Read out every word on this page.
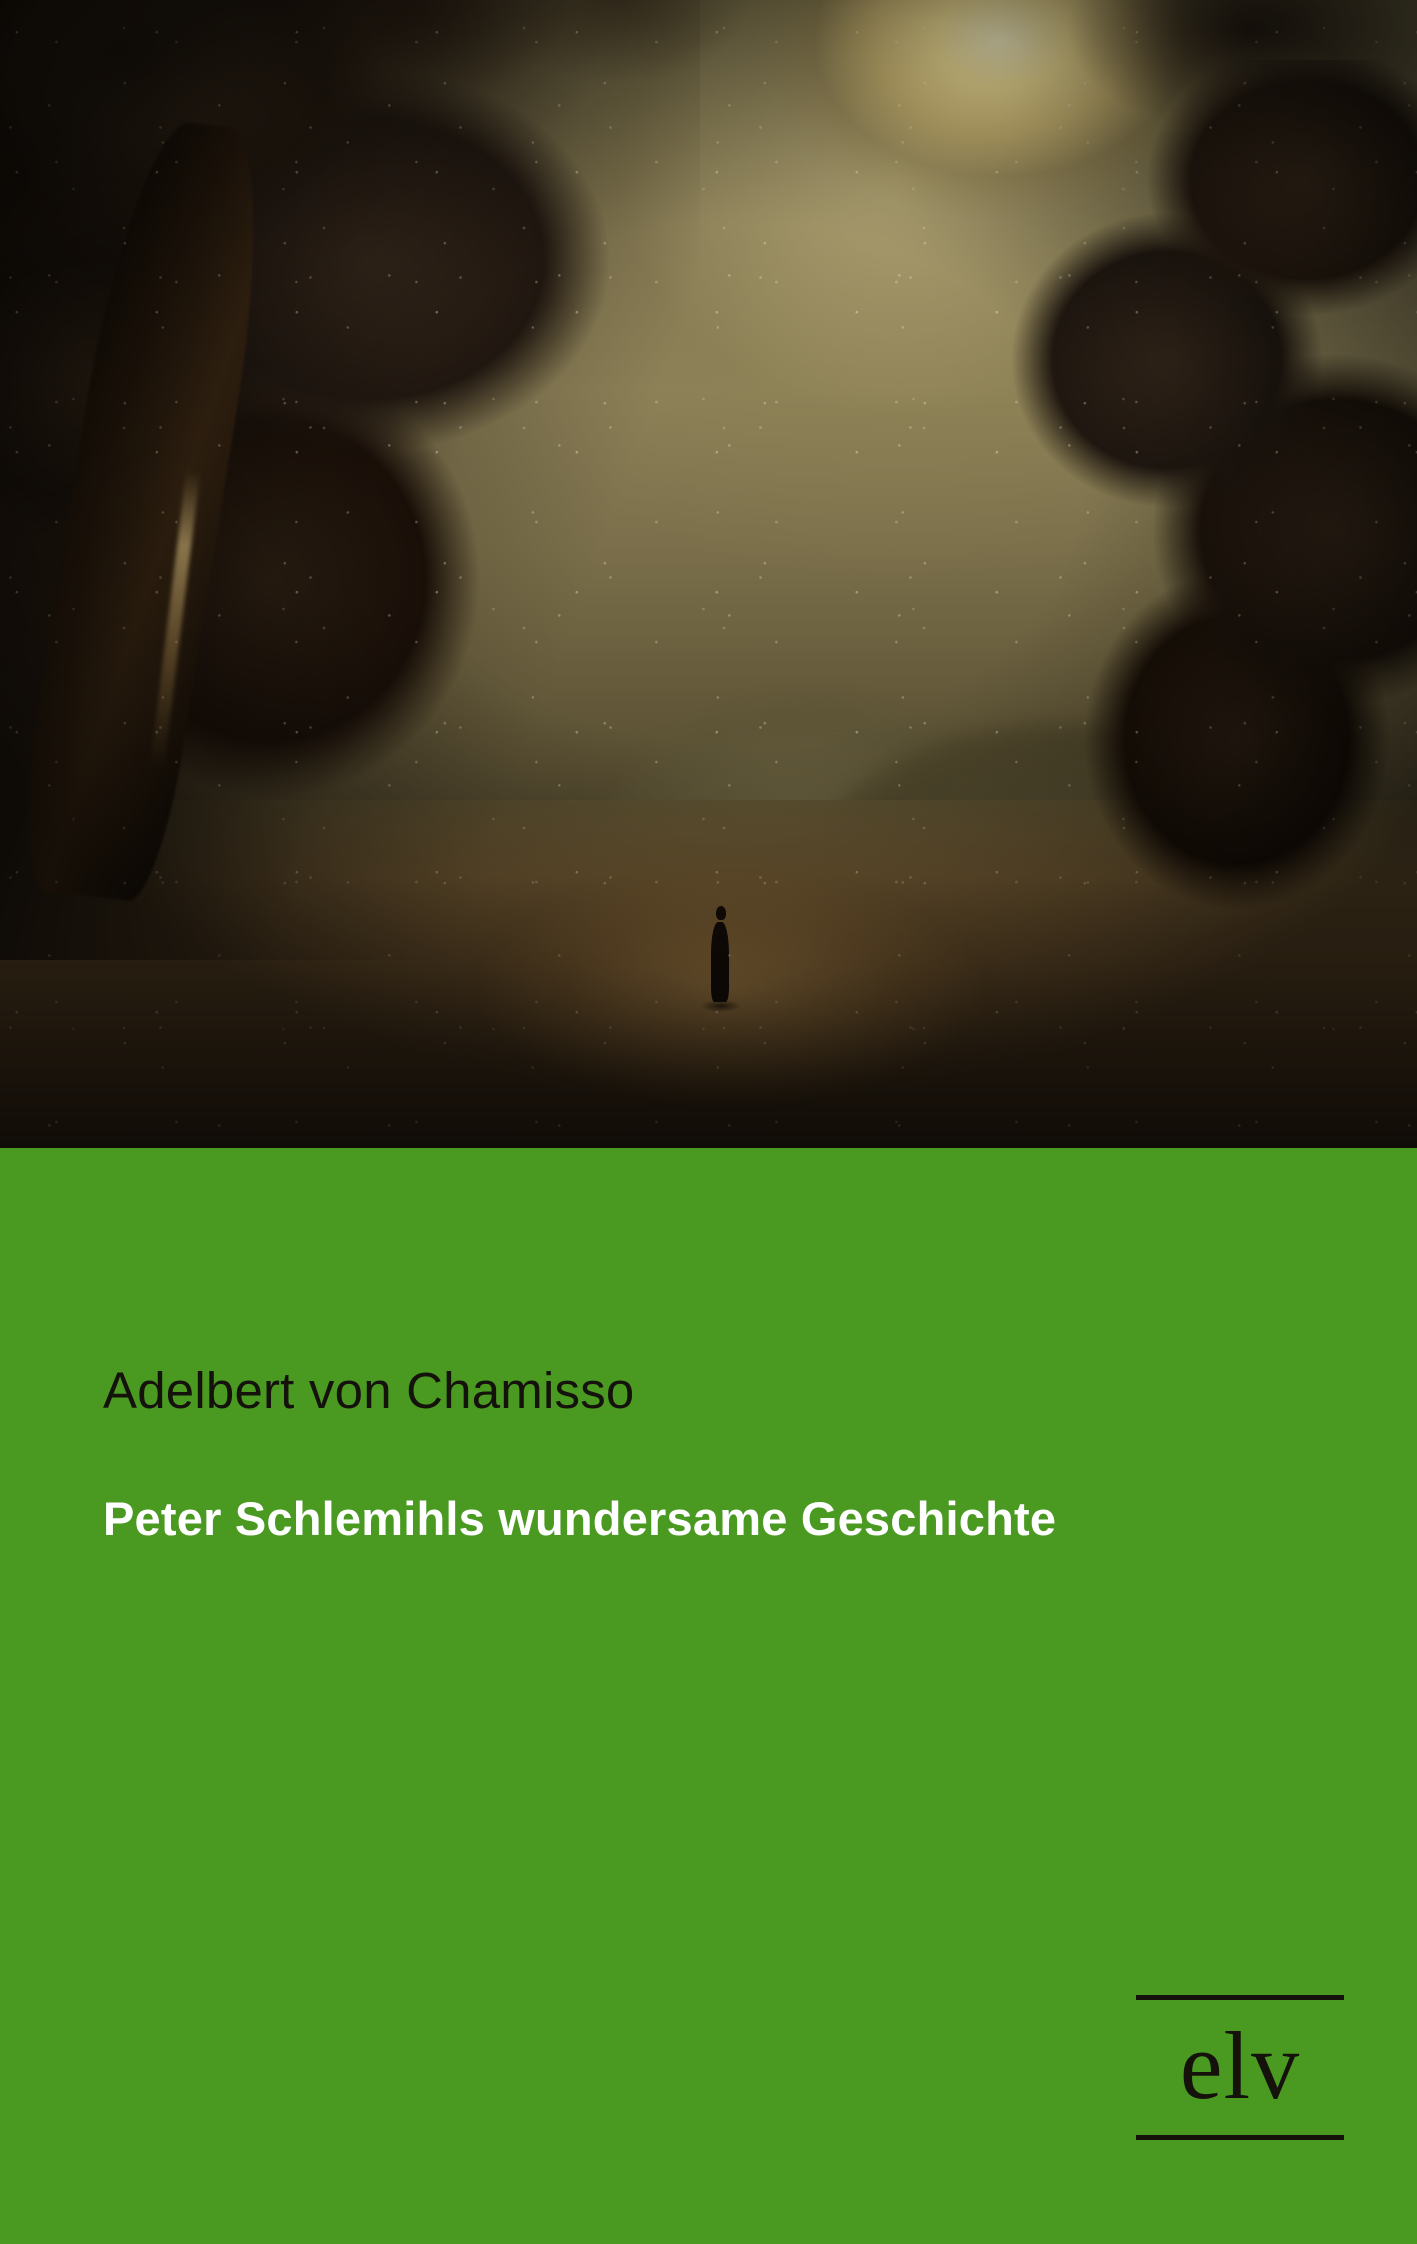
Adelbert von Chamisso
Peter Schlemihls wundersame Geschichte
elv
